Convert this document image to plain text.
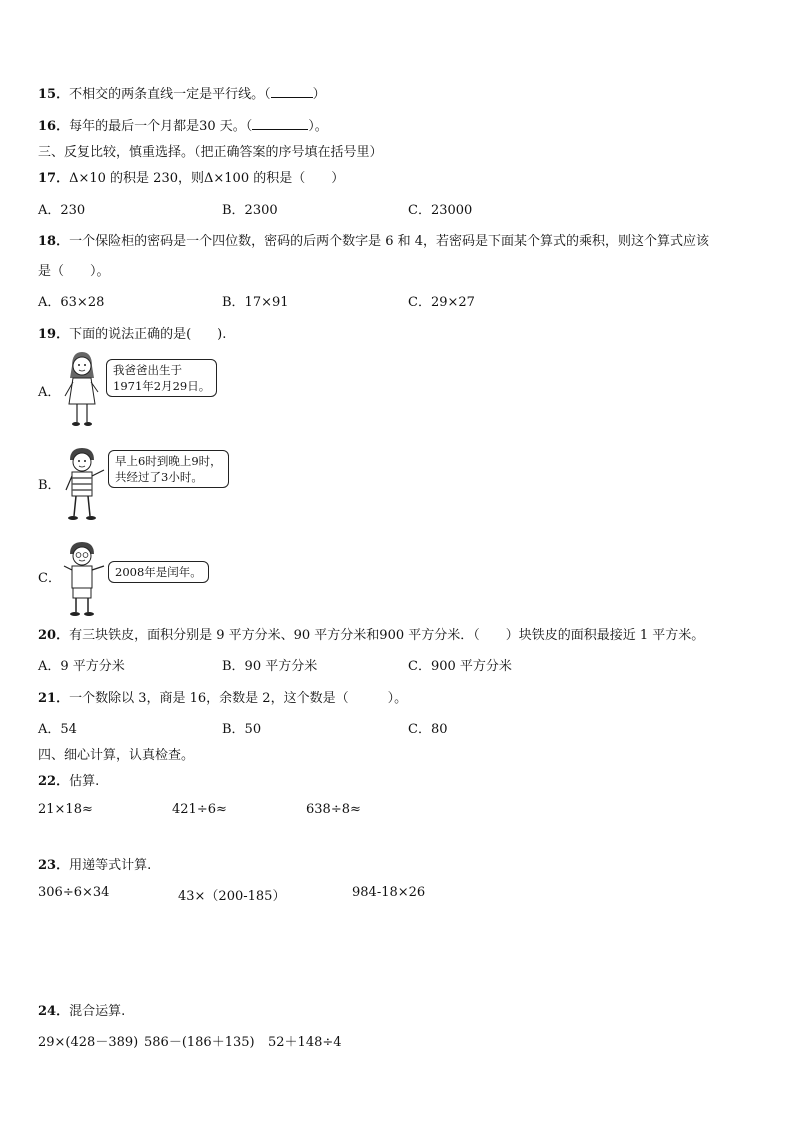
15．不相交的两条直线一定是平行线。（	）
16．每年的最后一个月都是30 天。（	）。
三、反复比较，慎重选择。（把正确答案的序号填在括号里）
17．Δ×10 的积是 230，则Δ×100 的积是（　　）
A．230	B．2300	C．23000
18．一个保险柜的密码是一个四位数，密码的后两个数字是 6 和 4，若密码是下面某个算式的乘积，则这个算式应该
是（　　）。
A．63×28	B．17×91	C．29×27
19．下面的说法正确的是(　　).
A．
我爸爸出生于
1971年2月29日。
B．
早上6时到晚上9时，
共经过了3小时。
C．	2008年是闰年。
20．有三块铁皮，面积分别是 9 平方分米、90 平方分米和900 平方分米．（　　）块铁皮的面积最接近 1 平方米。
A．9 平方分米	B．90 平方分米	C．900 平方分米
21．一个数除以 3，商是 16，余数是 2，这个数是（　　　）。
A．54	B．50	C．80
四、细心计算，认真检查。
22．估算.
21×18≈	421÷6≈	638÷8≈
23．用递等式计算.
306÷6×34	43×（200-185）	984-18×26
24．混合运算.
29×(428－389) 586－(186＋135) 52＋148÷4
